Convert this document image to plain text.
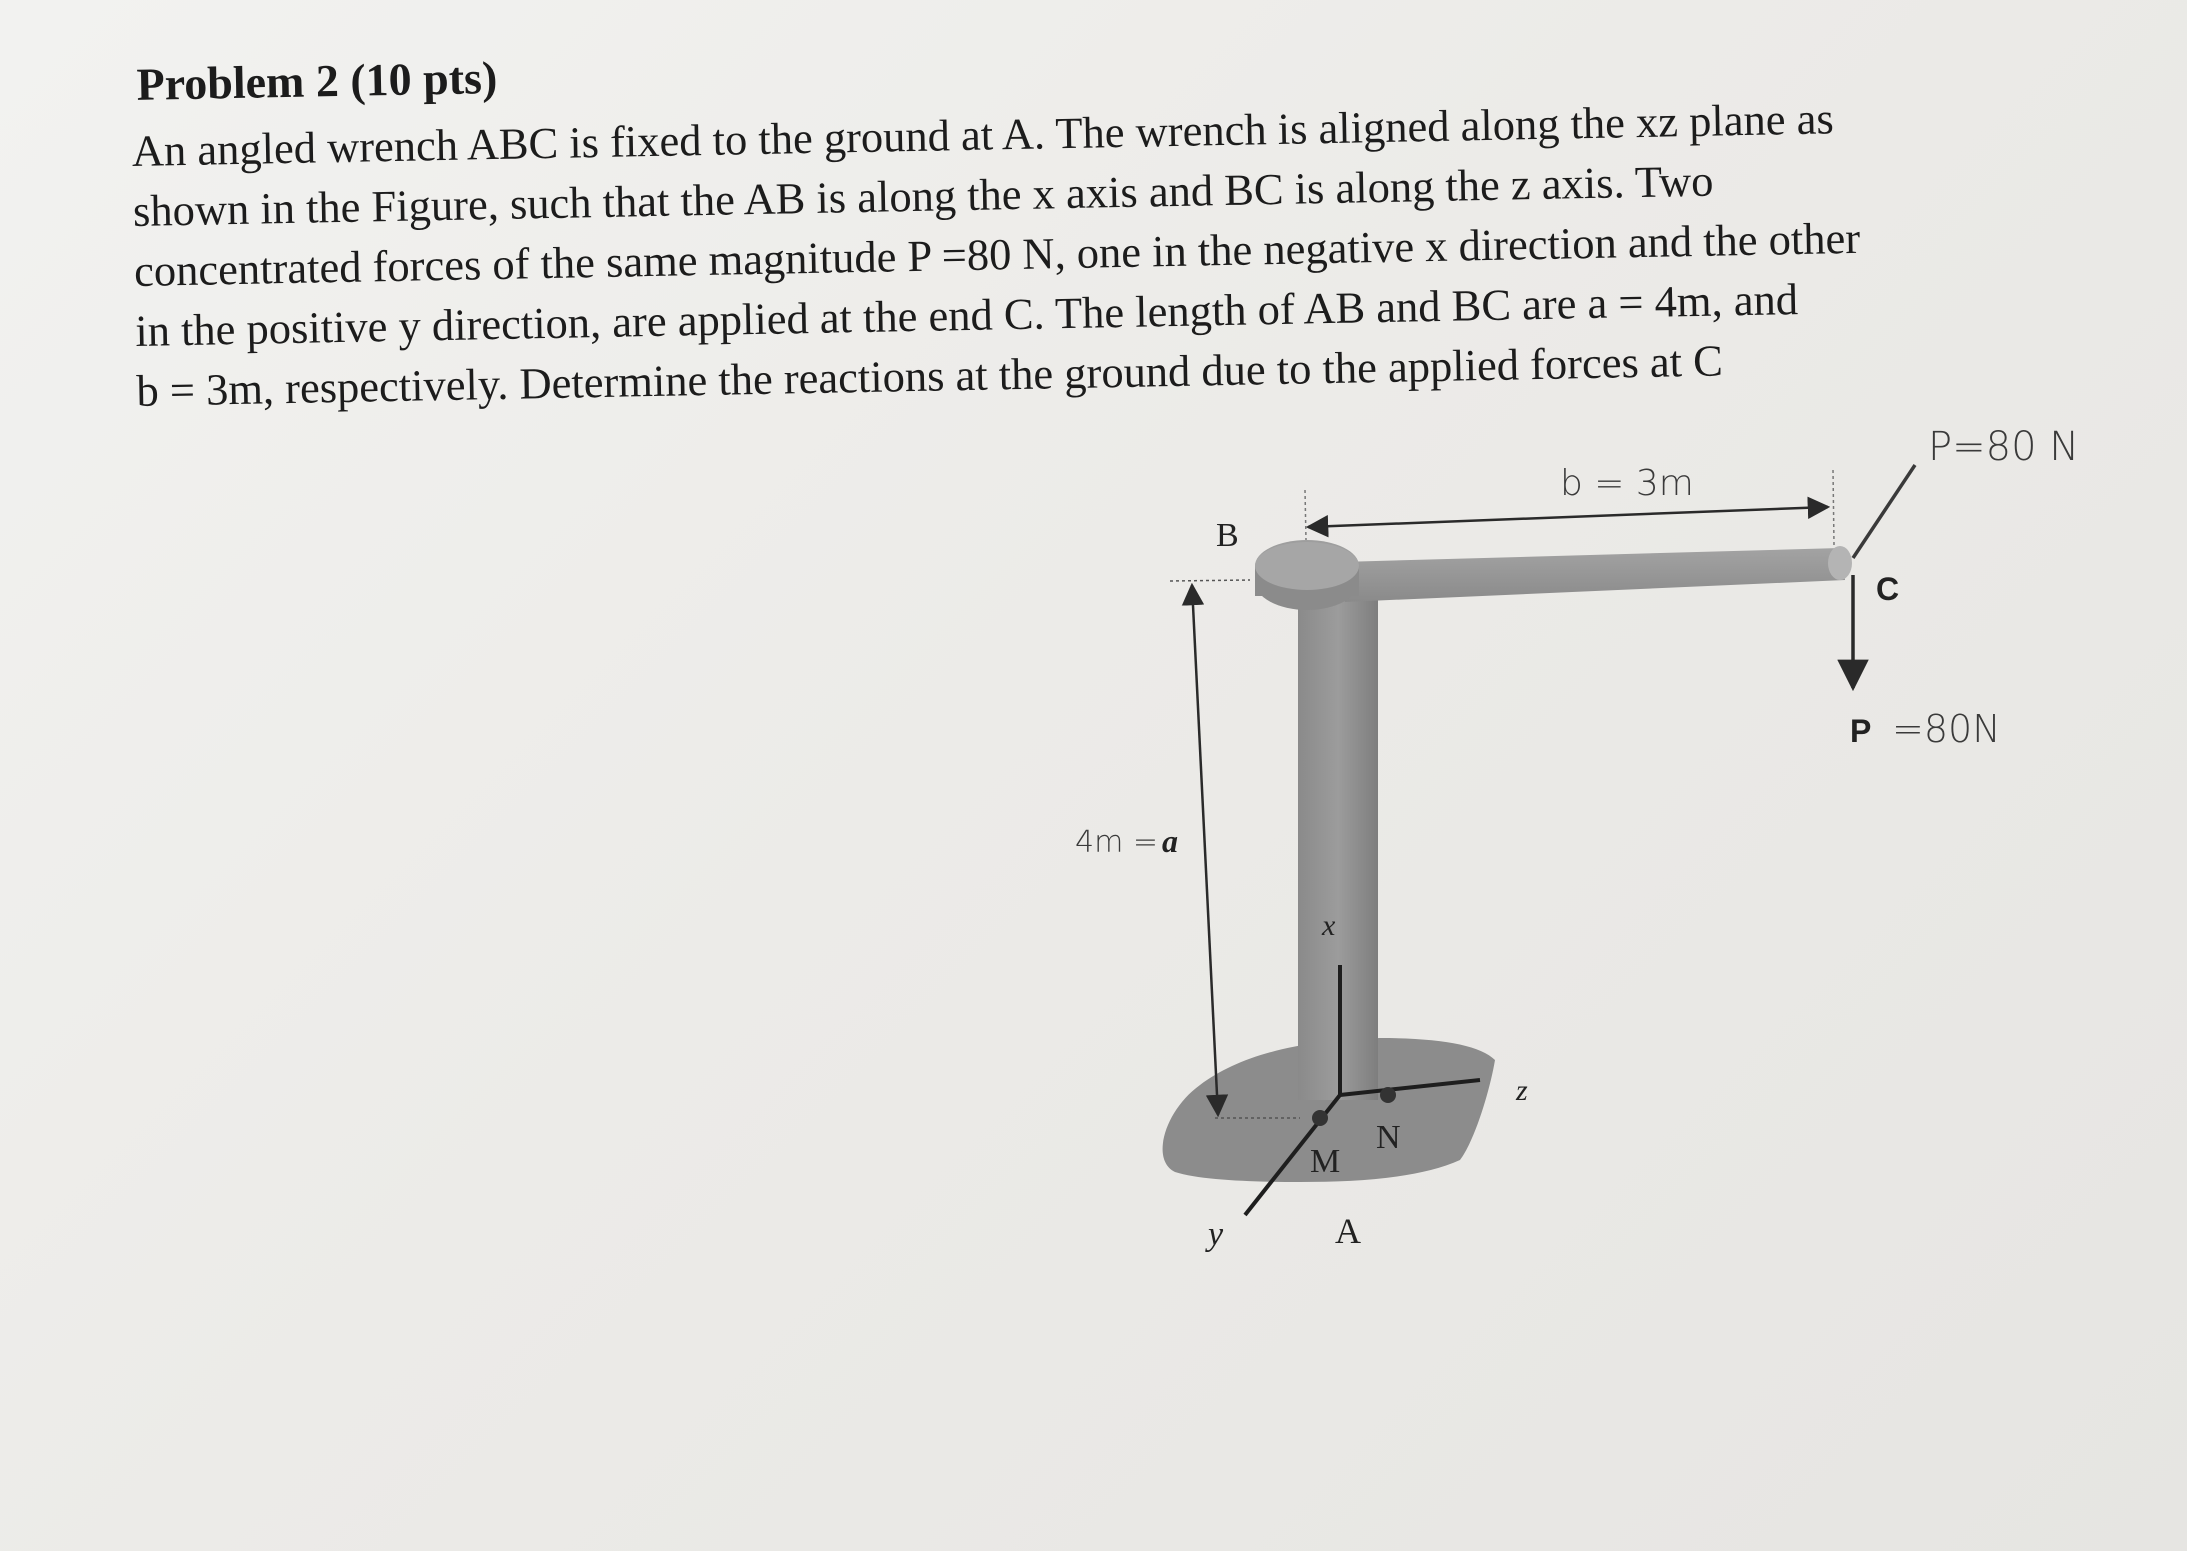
Problem 2 (10 pts)

An angled wrench ABC is fixed to the ground at A. The wrench is aligned along the xz plane as

shown in the Figure, such that the AB is along the x axis and BC is along the z axis. Two

concentrated forces of the same magnitude P =80 N, one in the negative x direction and the other

in the positive y direction, are applied at the end C. The length of AB and BC are a = 4m, and

b = 3m, respectively. Determine the reactions at the ground due to the applied forces at C

B
C
A
M
N
x
y
z
a
4m =
b = 3m
P=80 N
P =80N
